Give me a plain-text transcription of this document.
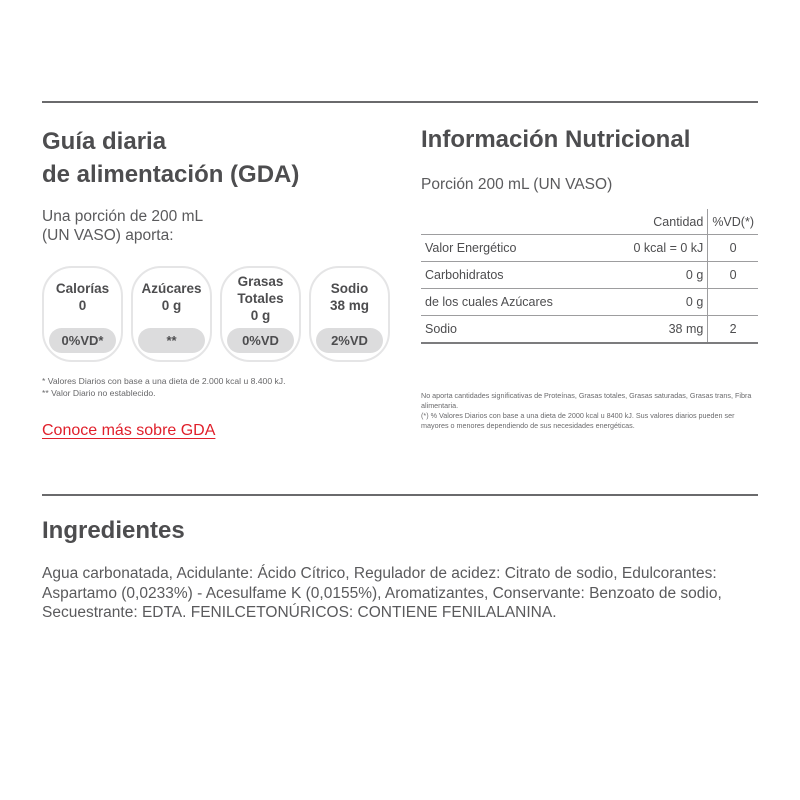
Guía diaria
de alimentación (GDA)
Una porción de 200 mL
(UN VASO) aporta:
Calorías
0
0%VD*
Azúcares
0 g
**
Grasas
Totales
0 g
0%VD
Sodio
38 mg
2%VD
* Valores Diarios con base a una dieta de 2.000 kcal u 8.400 kJ.
** Valor Diario no establecido.
Conoce más sobre GDA
Información Nutricional
Porción 200 mL (UN VASO)
	Cantidad	%VD(*)
Valor Energético	0 kcal = 0 kJ	0
Carbohidratos	0 g	0
de los cuales Azúcares	0 g	
Sodio	38 mg	2

No aporta cantidades significativas de Proteínas, Grasas totales, Grasas saturadas, Grasas trans, Fibra alimentaria.

(*) % Valores Diarios con base a una dieta de 2000 kcal u 8400 kJ. Sus valores diarios pueden ser mayores o menores dependiendo de sus necesidades energéticas.

Ingredientes

Agua carbonatada, Acidulante: Ácido Cítrico, Regulador de acidez: Citrato de sodio, Edulcorantes: Aspartamo (0,0233%) - Acesulfame K (0,0155%), Aromatizantes, Conservante: Benzoato de sodio, Secuestrante: EDTA. FENILCETONÚRICOS: CONTIENE FENILALANINA.
